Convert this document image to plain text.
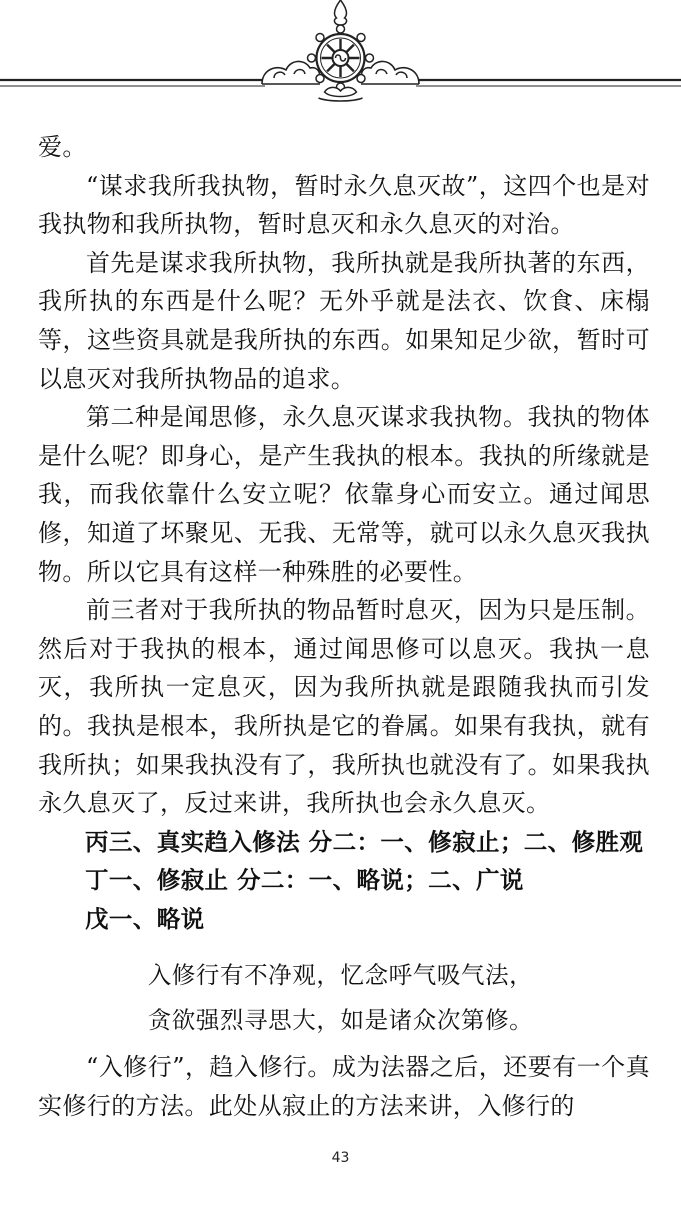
爱。

“谋求我所我执物，暂时永久息灭故”，这四个也是对我执物和我所执物，暂时息灭和永久息灭的对治。

首先是谋求我所执物，我所执就是我所执著的东西，我所执的东西是什么呢？无外乎就是法衣、饮食、床榻等，这些资具就是我所执的东西。如果知足少欲，暂时可以息灭对我所执物品的追求。

第二种是闻思修，永久息灭谋求我执物。我执的物体是什么呢？即身心，是产生我执的根本。我执的所缘就是我，而我依靠什么安立呢？依靠身心而安立。通过闻思修，知道了坏聚见、无我、无常等，就可以永久息灭我执物。所以它具有这样一种殊胜的必要性。

前三者对于我所执的物品暂时息灭，因为只是压制。然后对于我执的根本，通过闻思修可以息灭。我执一息灭，我所执一定息灭，因为我所执就是跟随我执而引发的。我执是根本，我所执是它的眷属。如果有我执，就有我所执；如果我执没有了，我所执也就没有了。如果我执永久息灭了，反过来讲，我所执也会永久息灭。

丙三、真实趋入修法 分二：一、修寂止；二、修胜观

丁一、修寂止 分二：一、略说；二、广说

戊一、略说

入修行有不净观，忆念呼气吸气法，
贪欲强烈寻思大，如是诸众次第修。

“入修行”，趋入修行。成为法器之后，还要有一个真实修行的方法。此处从寂止的方法来讲，入修行的

43
